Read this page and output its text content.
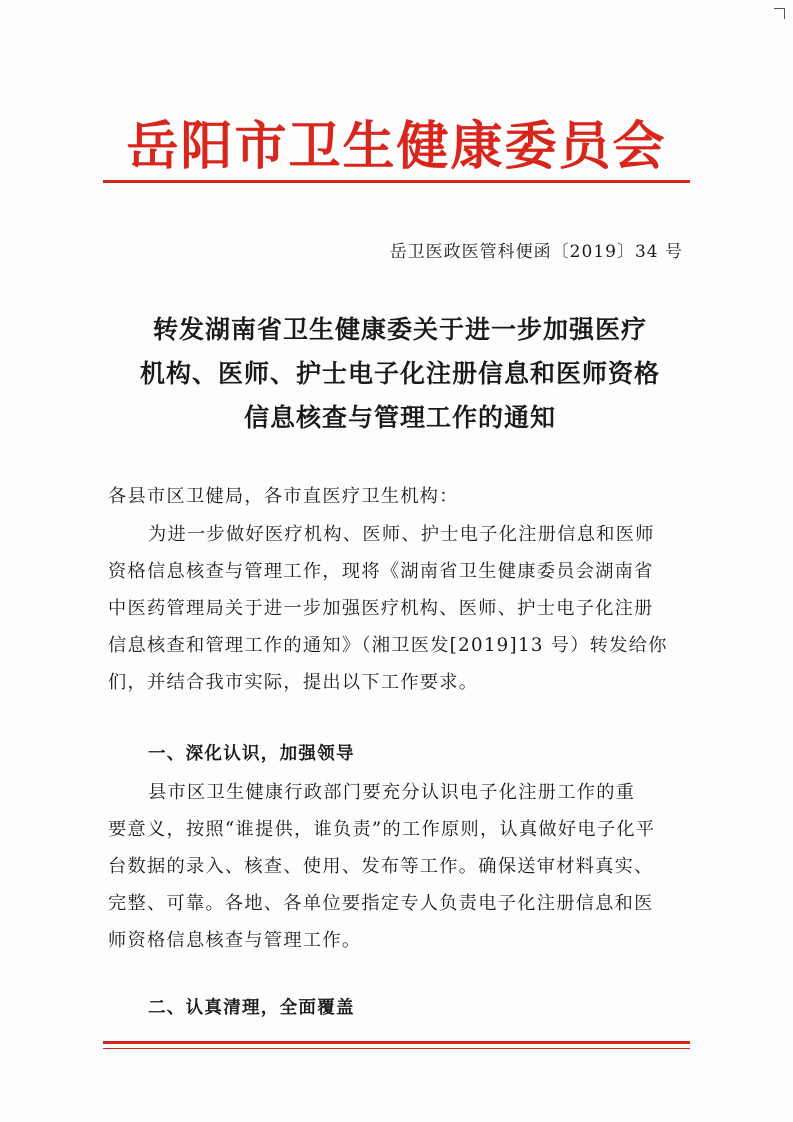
岳阳市卫生健康委员会
岳卫医政医管科便函〔2019〕34 号
转发湖南省卫生健康委关于进一步加强医疗
机构、医师、护士电子化注册信息和医师资格
信息核查与管理工作的通知
各县市区卫健局，各市直医疗卫生机构：
为进一步做好医疗机构、医师、护士电子化注册信息和医师
资格信息核查与管理工作，现将《湖南省卫生健康委员会湖南省
中医药管理局关于进一步加强医疗机构、医师、护士电子化注册
信息核查和管理工作的通知》（湘卫医发[2019]13 号）转发给你
们，并结合我市实际，提出以下工作要求。
一、深化认识，加强领导
县市区卫生健康行政部门要充分认识电子化注册工作的重
要意义，按照“谁提供，谁负责”的工作原则，认真做好电子化平
台数据的录入、核查、使用、发布等工作。确保送审材料真实、
完整、可靠。各地、各单位要指定专人负责电子化注册信息和医
师资格信息核查与管理工作。
二、认真清理，全面覆盖
